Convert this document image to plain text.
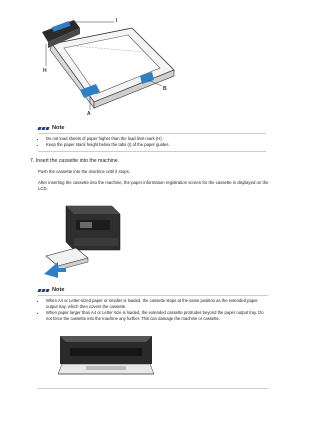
I
H
A
B
Note
• Do not load sheets of paper higher than the load limit mark (H).
• Keep the paper stack height below the tabs (I) of the paper guides.
7. Insert the cassette into the machine.

Push the cassette into the machine until it stops.

After inserting the cassette into the machine, the paper information registration screen for the cassette is displayed on the LCD.

Note
• When A4 or Letter-sized paper or smaller is loaded, the cassette stops at the same position as the extended paper output tray, which then covers the cassette.
• When paper larger than A4 or Letter size is loaded, the extended cassette protrudes beyond the paper output tray. Do not force the cassette into the machine any further. This can damage the machine or cassette.
